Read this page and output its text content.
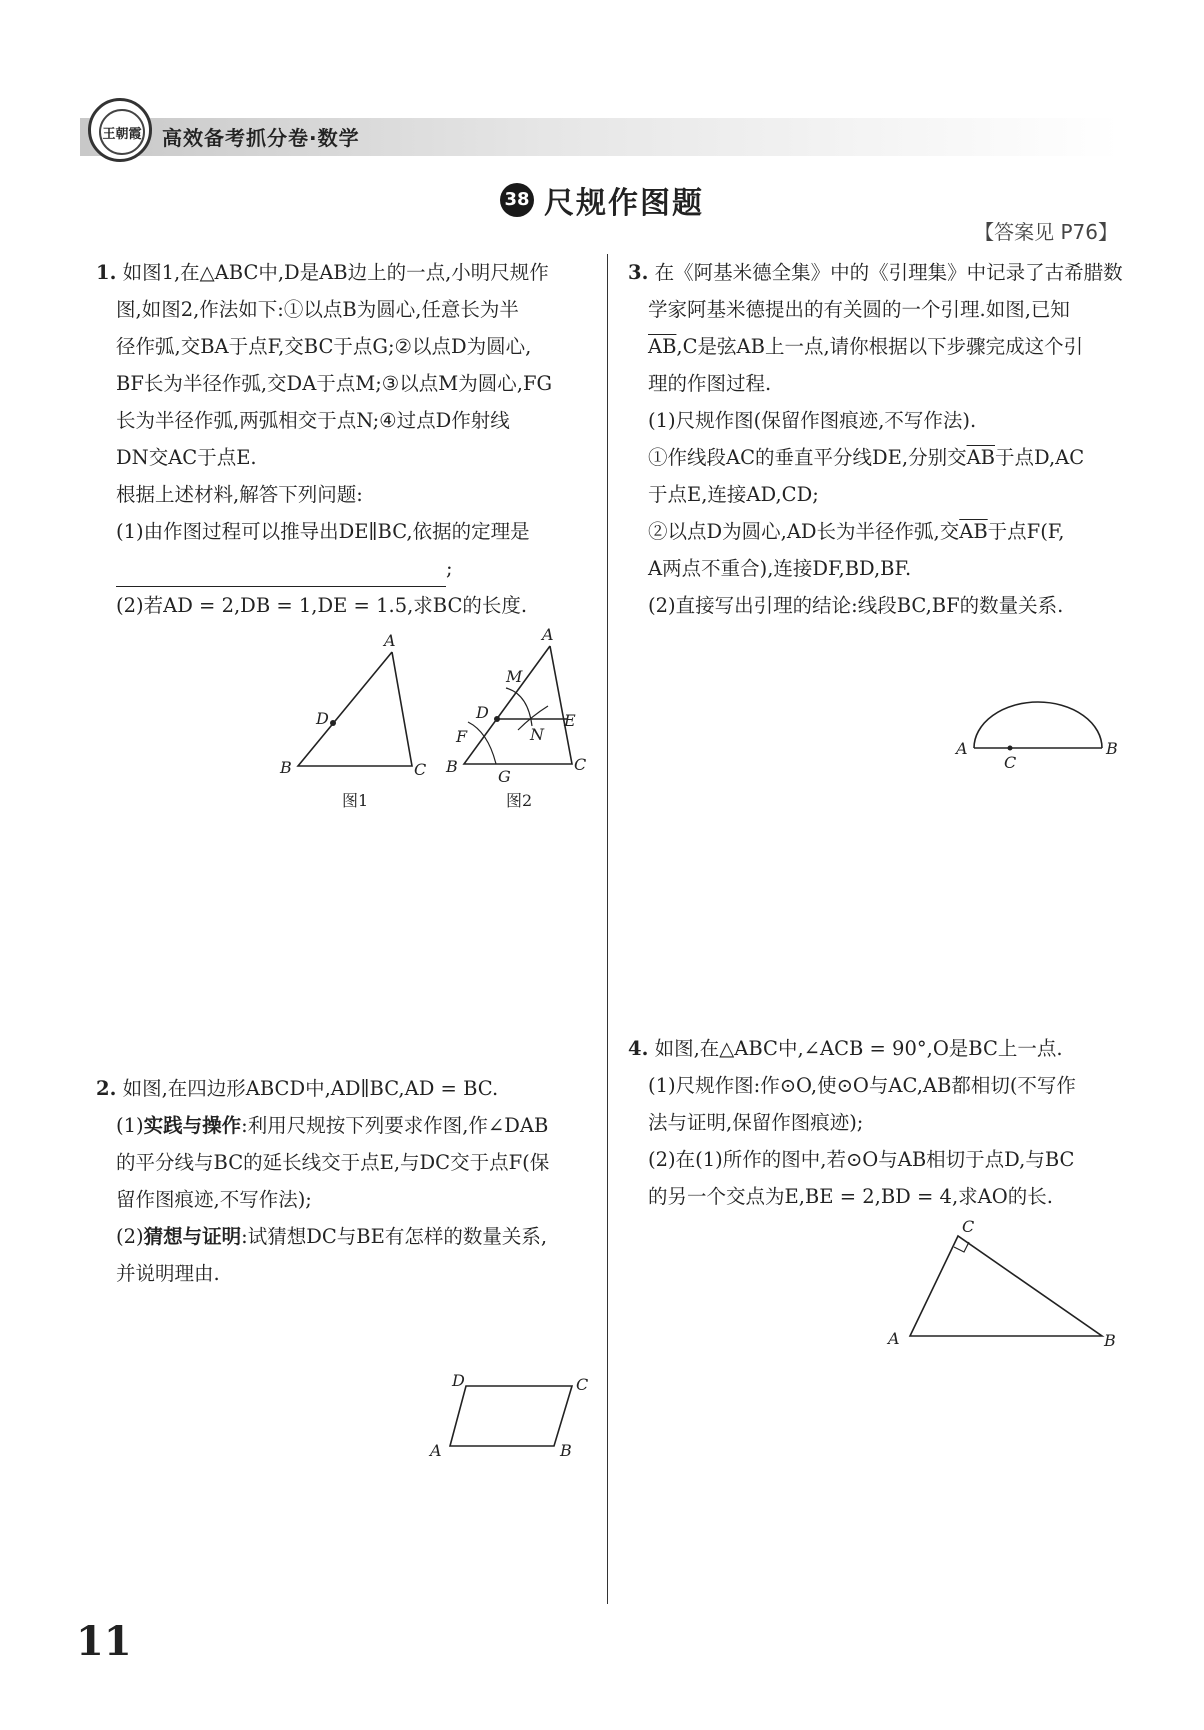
王朝霞 高效备考抓分卷·数学
38 尺规作图题
【答案见 P76】

1. 如图1,在△ABC中,D是AB边上的一点,小明尺规作

图,如图2,作法如下:①以点B为圆心,任意长为半

径作弧,交BA于点F,交BC于点G;②以点D为圆心,

BF长为半径作弧,交DA于点M;③以点M为圆心,FG

长为半径作弧,两弧相交于点N;④过点D作射线

DN交AC于点E.

根据上述材料,解答下列问题:

(1)由作图过程可以推导出DE∥BC,依据的定理是

;

(2)若AD = 2,DB = 1,DE = 1.5,求BC的长度.

A
B	C
D
图1
A
B	C
D	E
F
G
M
N
图2

2. 如图,在四边形ABCD中,AD∥BC,AD = BC.

(1)实践与操作:利用尺规按下列要求作图,作∠DAB

的平分线与BC的延长线交于点E,与DC交于点F(保

留作图痕迹,不写作法);

(2)猜想与证明:试猜想DC与BE有怎样的数量关系,

并说明理由.

D	C
A	B

3. 在《阿基米德全集》中的《引理集》中记录了古希腊数

学家阿基米德提出的有关圆的一个引理.如图,已知

$\overline{AB},C$是弦AB上一点,请你根据以下步骤完成这个引

理的作图过程.

(1)尺规作图(保留作图痕迹,不写作法).

①作线段AC的垂直平分线DE,分别交$\overline{AB}$于点D,AC

于点E,连接AD,CD;

②以点D为圆心,AD长为半径作弧,交$\overline{AB}$于点F(F,

A两点不重合),连接DF,BD,BF.

(2)直接写出引理的结论:线段BC,BF的数量关系.

A	B
C

4. 如图,在△ABC中,∠ACB = 90°,O是BC上一点.

(1)尺规作图:作⊙O,使⊙O与AC,AB都相切(不写作

法与证明,保留作图痕迹);

(2)在(1)所作的图中,若⊙O与AB相切于点D,与BC

的另一个交点为E,BE = 2,BD = 4,求AO的长.

C
A	B
11
